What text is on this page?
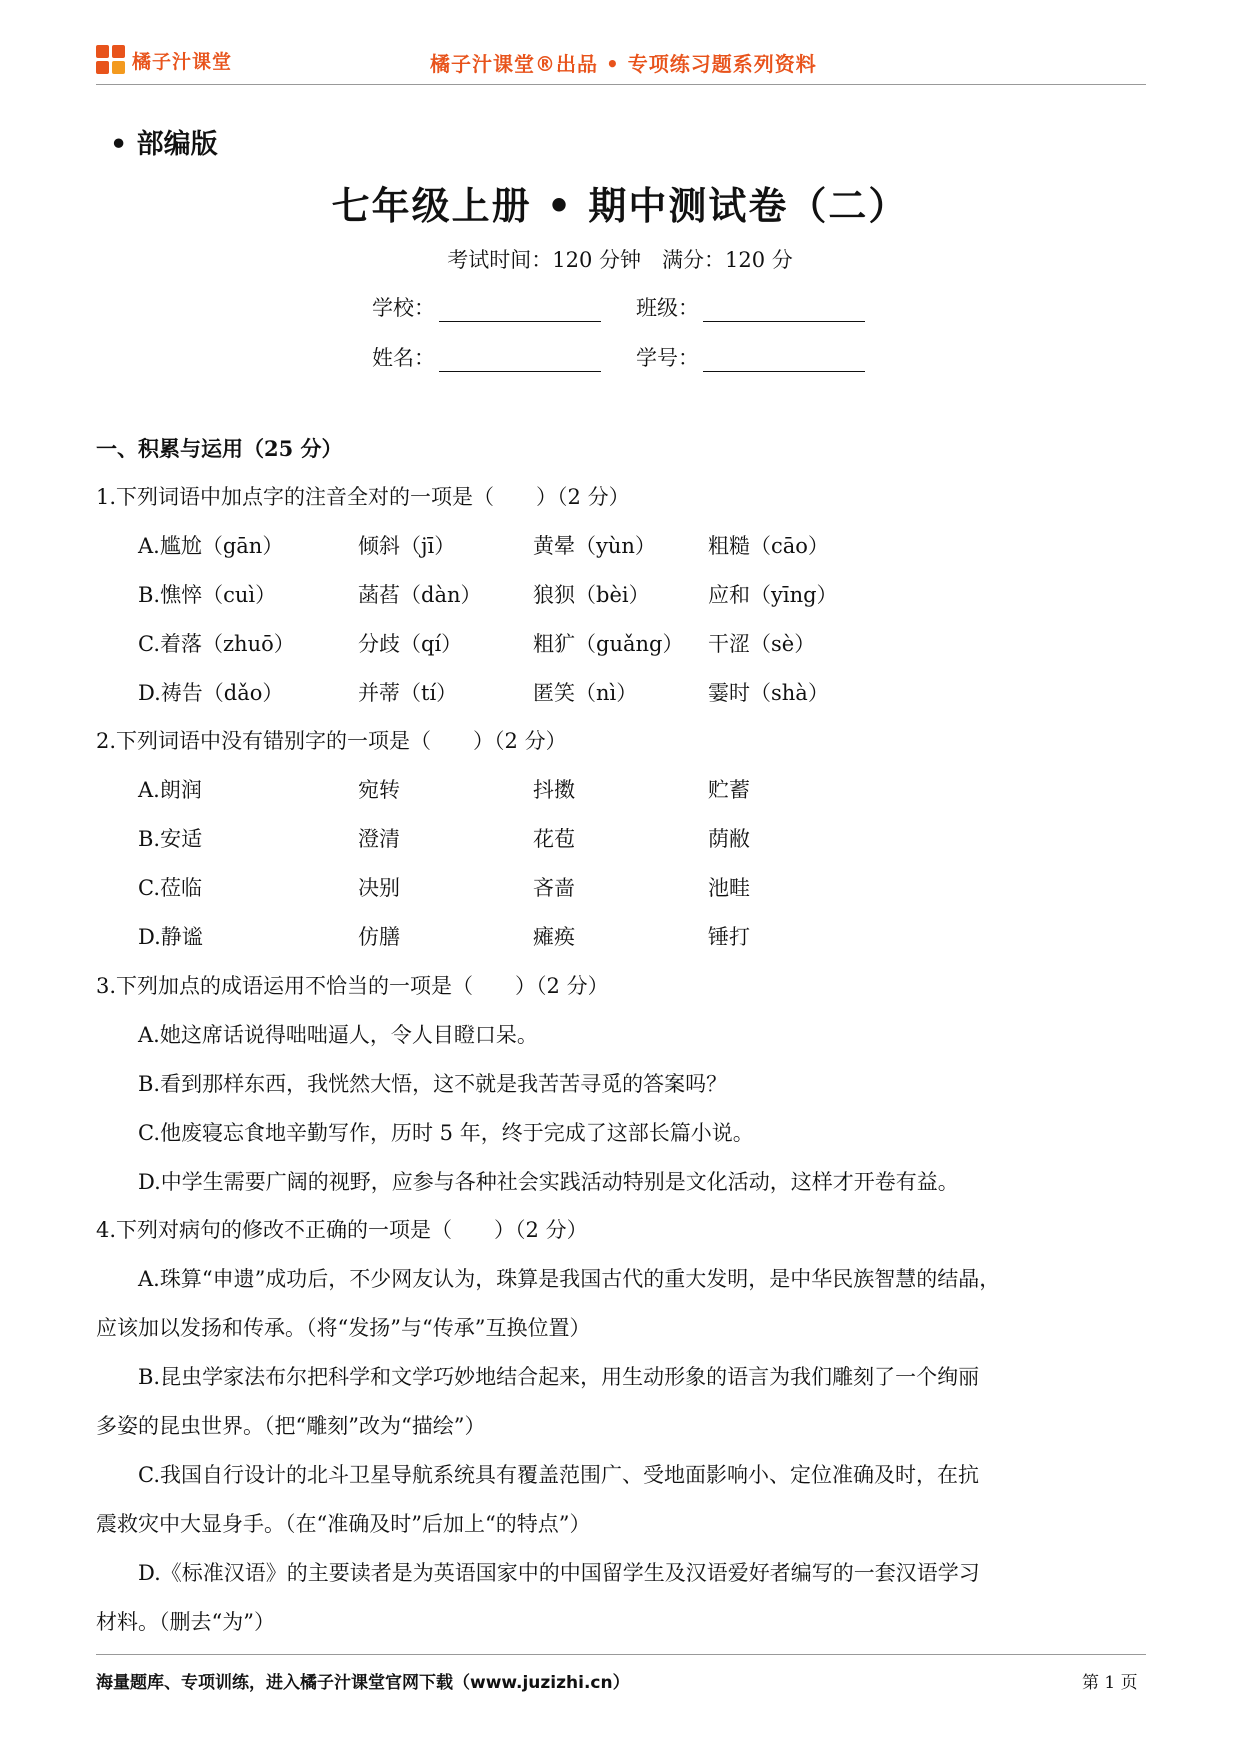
橘子汁课堂	橘子汁课堂®出品 • 专项练习题系列资料
• 部编版
七年级上册 • 期中测试卷（二）
考试时间：120 分钟　满分：120 分
学校：	班级：
姓名：	学号：
一、积累与运用（25 分）
1.下列词语中加点字的注音全对的一项是（　　）（2 分）
A.尴尬（gān）	倾斜（jī）	黄晕（yùn） 粗糙（cāo）
B.憔悴（cuì）	菡萏（dàn） 狼狈（bèi）	应和（yīng）
C.着落（zhuō）	分歧（qí）	粗犷（guǎng） 干涩（sè）
D.祷告（dǎo）	并蒂（tí）	匿笑（nì）	霎时（shà）
2.下列词语中没有错别字的一项是（　　）（2 分）
A.朗润	宛转	抖擞	贮蓄
B.安适	澄清	花苞	荫敝
C.莅临	决别	吝啬	池畦
D.静谧	仿膳	瘫痪	锤打
3.下列加点的成语运用不恰当的一项是（　　）（2 分）
A.她这席话说得咄咄逼人，令人目瞪口呆。
B.看到那样东西，我恍然大悟，这不就是我苦苦寻觅的答案吗？
C.他废寝忘食地辛勤写作，历时 5 年，终于完成了这部长篇小说。
D.中学生需要广阔的视野，应参与各种社会实践活动特别是文化活动，这样才开卷有益。
4.下列对病句的修改不正确的一项是（　　）（2 分）
A.珠算“申遗”成功后，不少网友认为，珠算是我国古代的重大发明，是中华民族智慧的结晶，
应该加以发扬和传承。（将“发扬”与“传承”互换位置）
B.昆虫学家法布尔把科学和文学巧妙地结合起来，用生动形象的语言为我们雕刻了一个绚丽
多姿的昆虫世界。（把“雕刻”改为“描绘”）
C.我国自行设计的北斗卫星导航系统具有覆盖范围广、受地面影响小、定位准确及时，在抗
震救灾中大显身手。（在“准确及时”后加上“的特点”）
D.《标准汉语》的主要读者是为英语国家中的中国留学生及汉语爱好者编写的一套汉语学习
材料。（删去“为”）
海量题库、专项训练，进入橘子汁课堂官网下载（www.juzizhi.cn）	第 1 页
